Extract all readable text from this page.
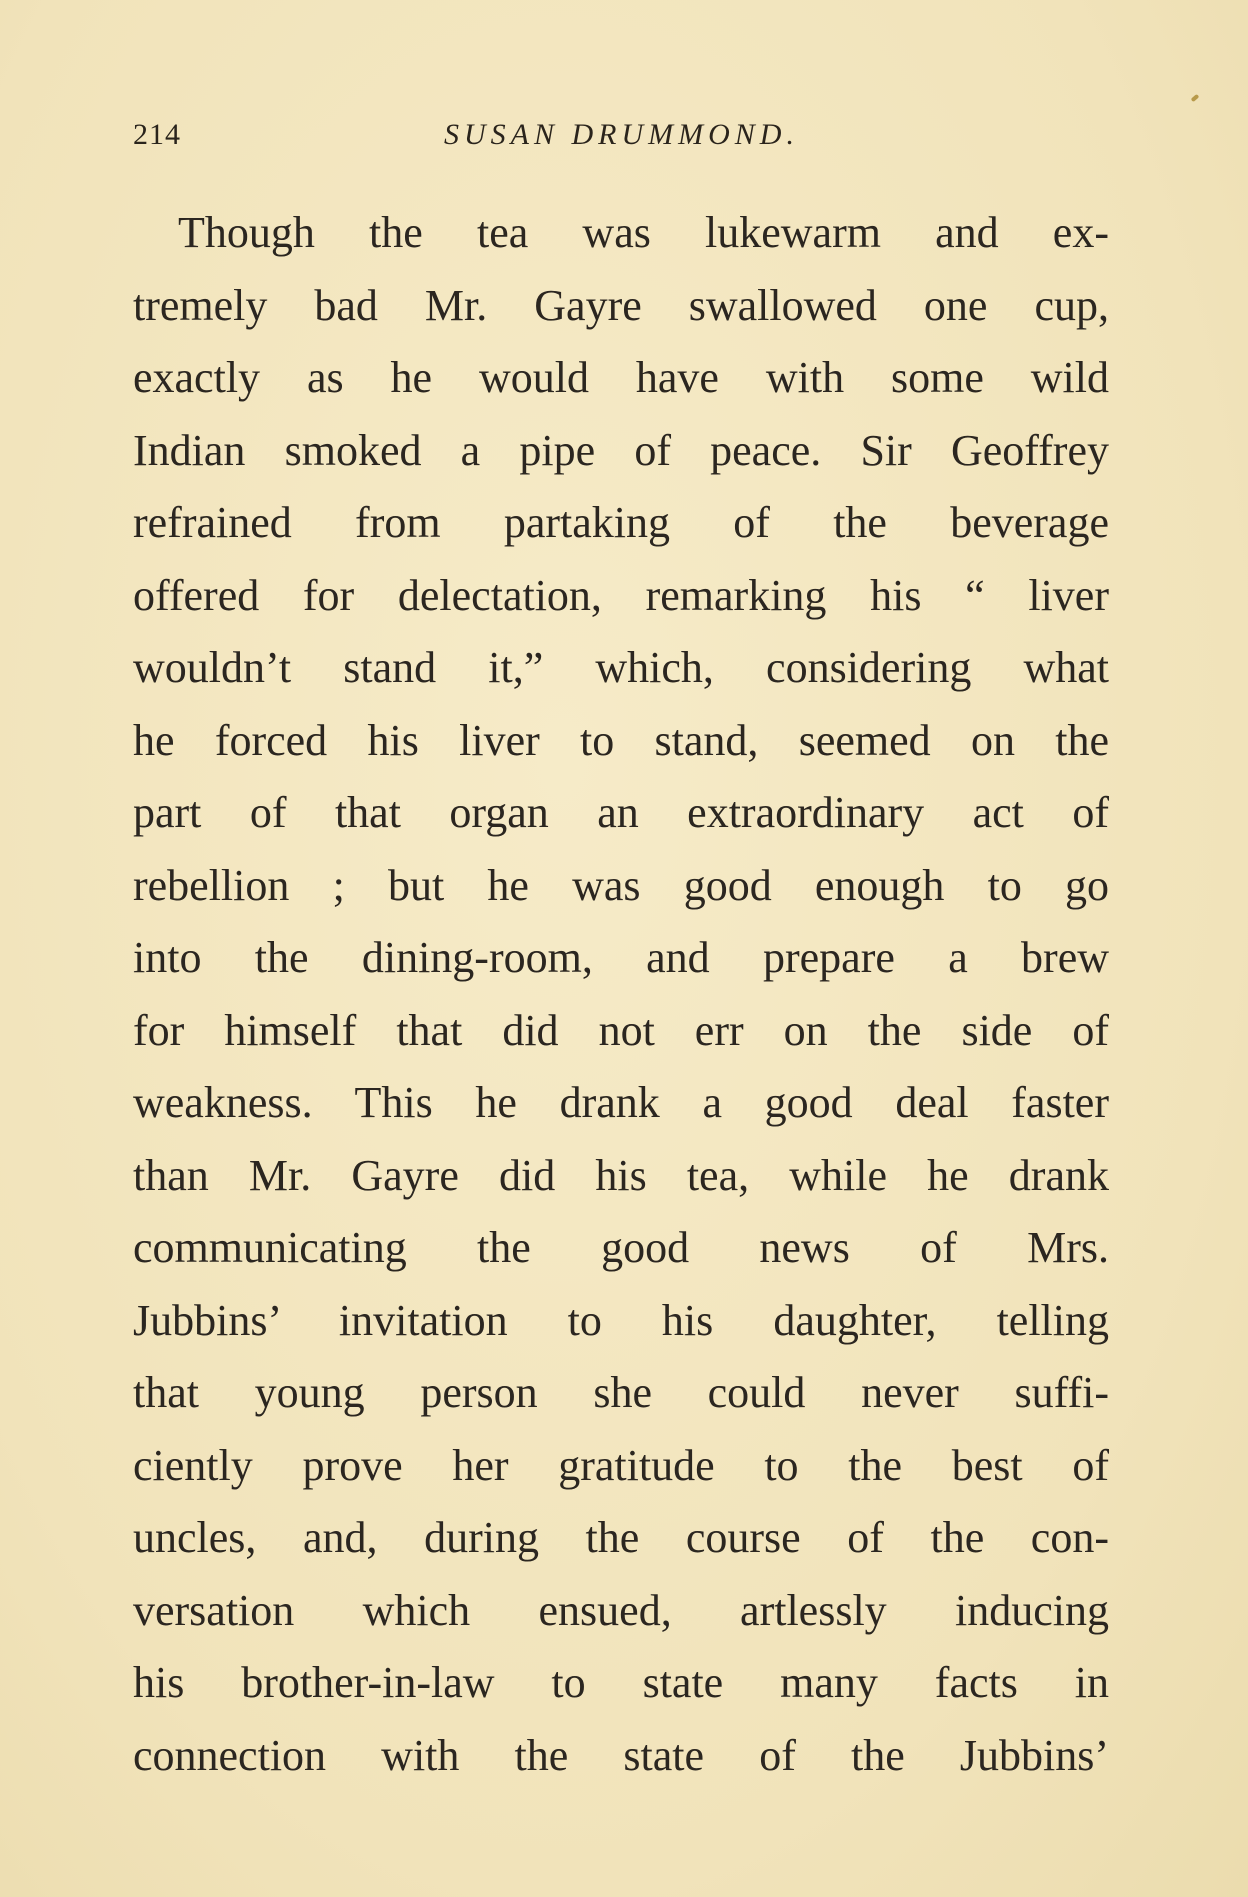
214	SUSAN DRUMMOND.
Though the tea was lukewarm and ex-
tremely bad Mr. Gayre swallowed one cup,
exactly as he would have with some wild
Indian smoked a pipe of peace. Sir Geoffrey
refrained from partaking of the beverage
offered for delectation, remarking his “ liver
wouldn’t stand it,” which, considering what
he forced his liver to stand, seemed on the
part of that organ an extraordinary act of
rebellion ; but he was good enough to go
into the dining-room, and prepare a brew
for himself that did not err on the side of
weakness. This he drank a good deal faster
than Mr. Gayre did his tea, while he drank
communicating the good news of Mrs.
Jubbins’ invitation to his daughter, telling
that young person she could never suffi-
ciently prove her gratitude to the best of
uncles, and, during the course of the con-
versation which ensued, artlessly inducing
his brother-in-law to state many facts in
connection with the state of the Jubbins’
